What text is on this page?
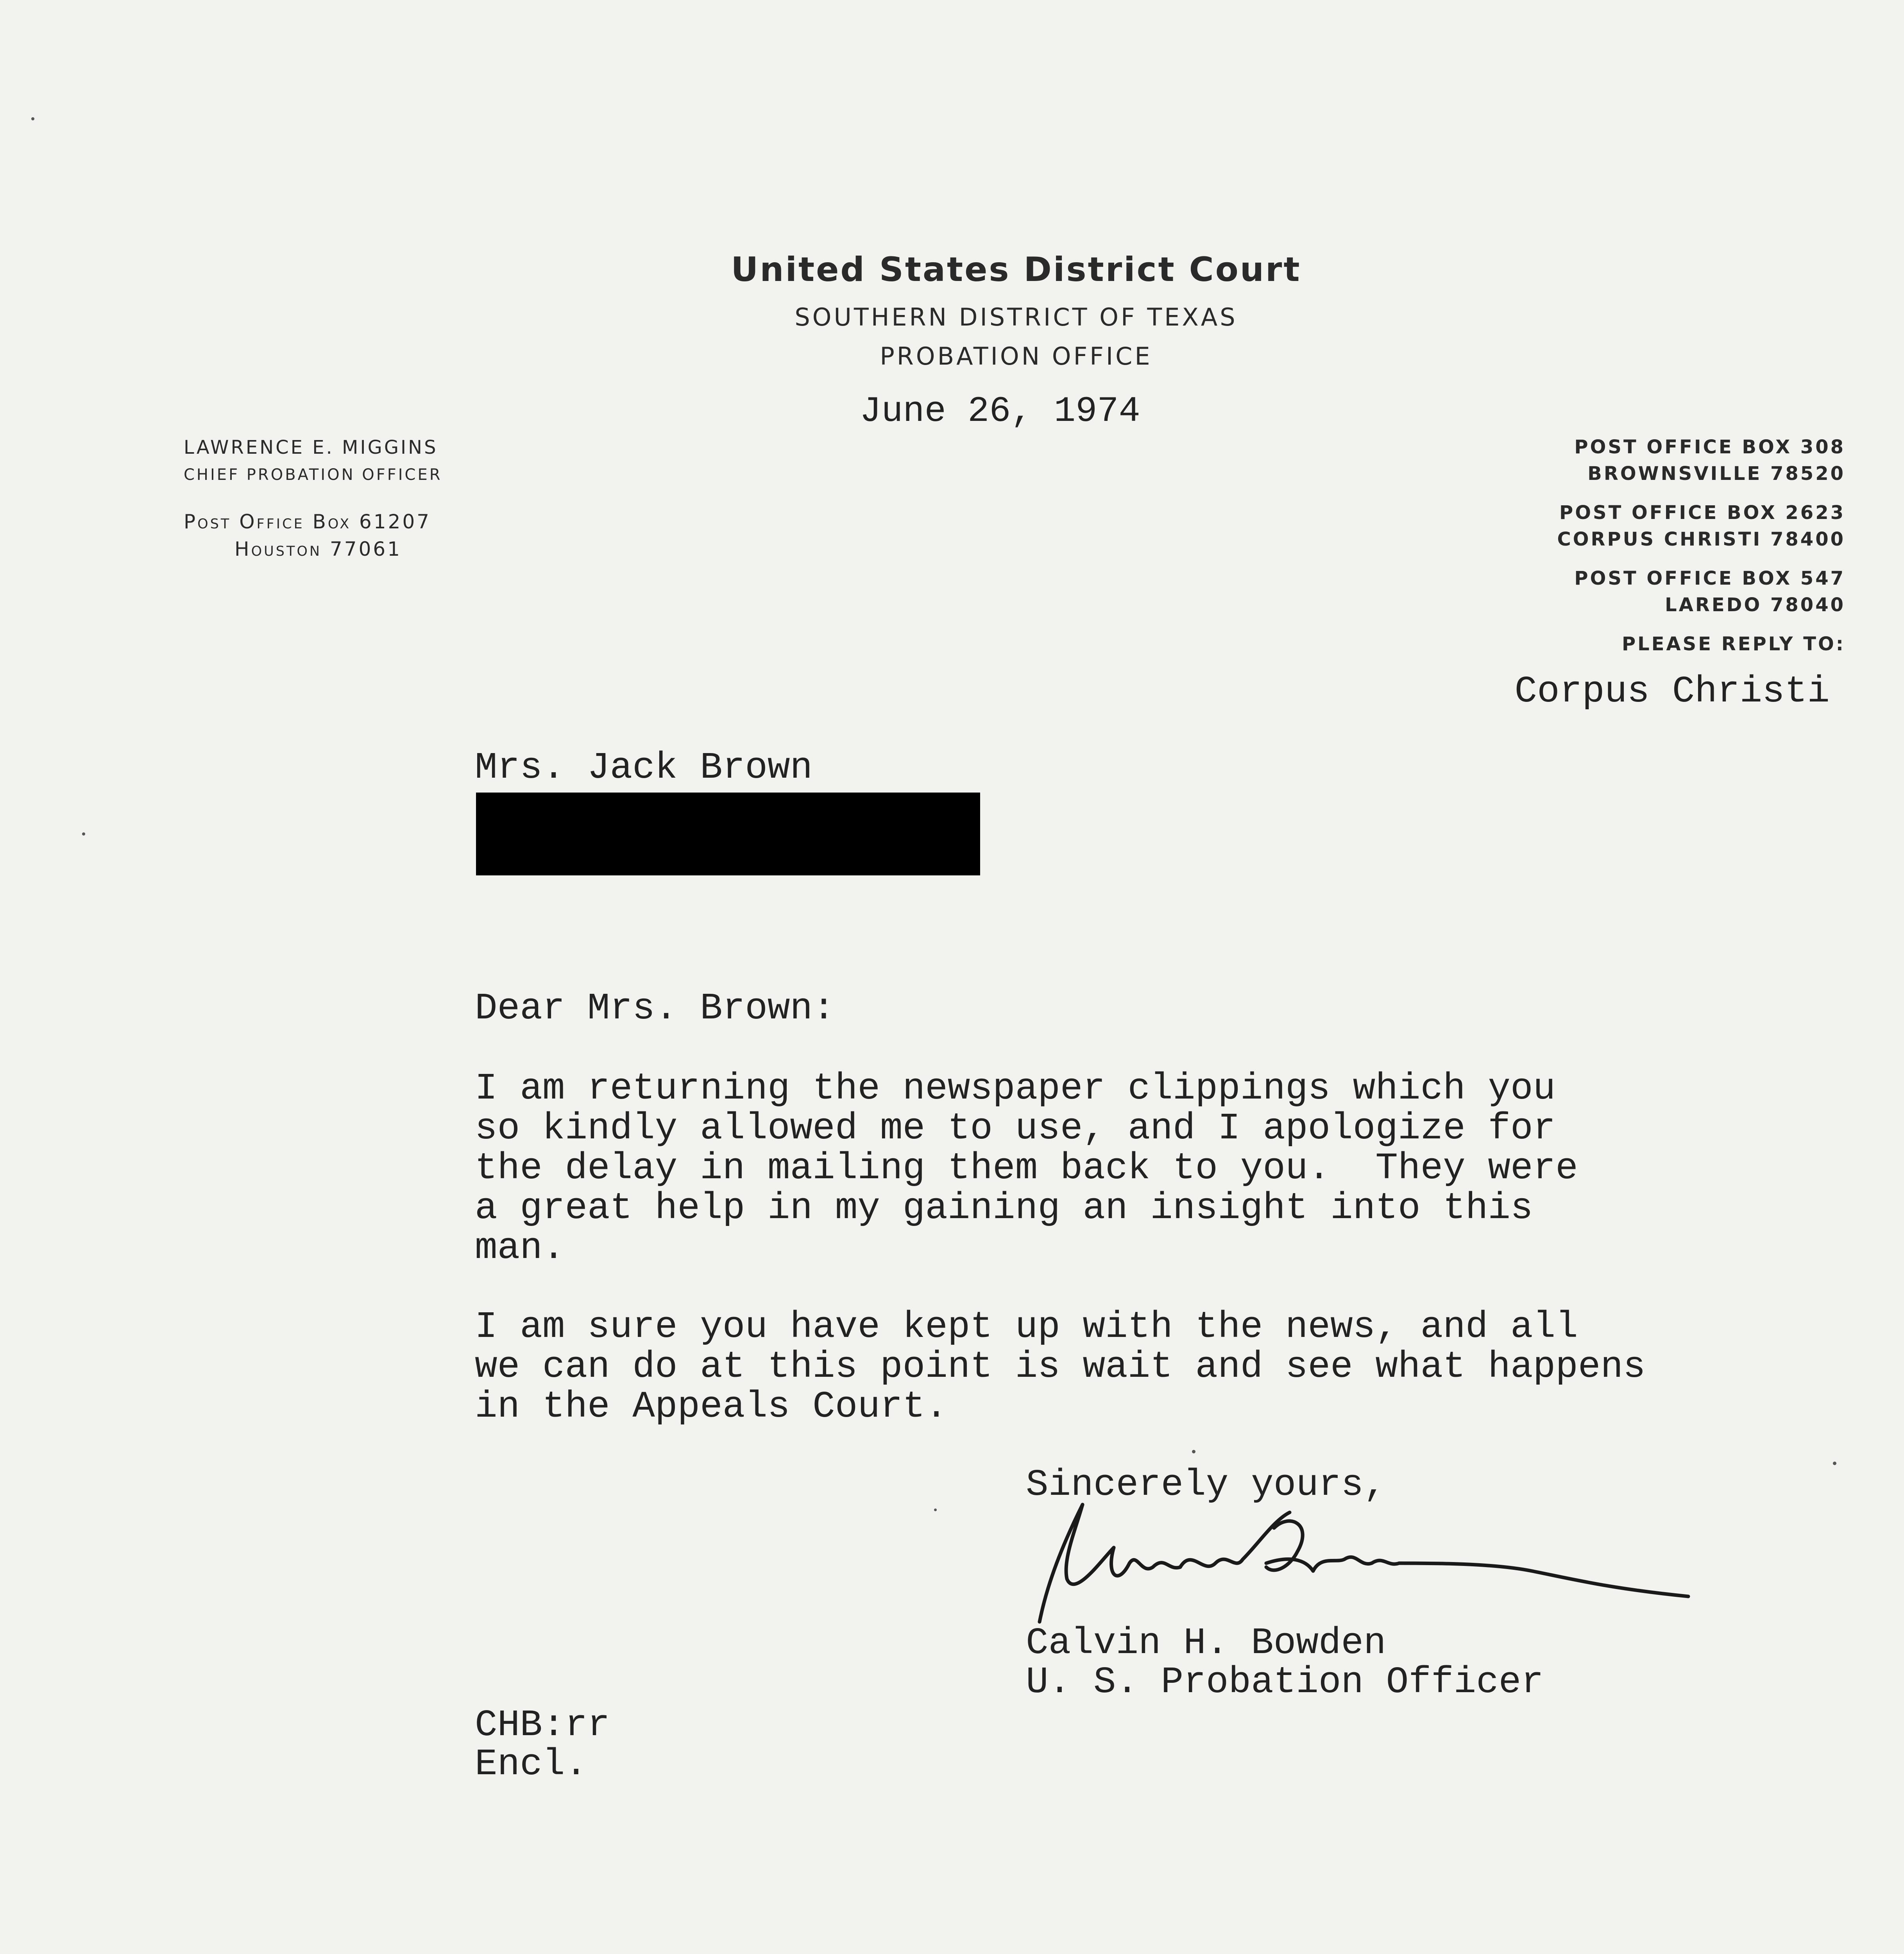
United States District Court
SOUTHERN DISTRICT OF TEXAS
PROBATION OFFICE
June 26, 1974
LAWRENCE E. MIGGINS
CHIEF PROBATION OFFICER
Post Office Box 61207
Houston 77061
POST OFFICE BOX 308
BROWNSVILLE 78520
POST OFFICE BOX 2623
CORPUS CHRISTI 78400
POST OFFICE BOX 547
LAREDO 78040
PLEASE REPLY TO:
Corpus Christi
Mrs. Jack Brown
Dear Mrs. Brown:
I am returning the newspaper clippings which you
so kindly allowed me to use, and I apologize for
the delay in mailing them back to you.  They were
a great help in my gaining an insight into this
man.
I am sure you have kept up with the news, and all
we can do at this point is wait and see what happens
in the Appeals Court.
Sincerely yours,
Calvin H. Bowden
U. S. Probation Officer
CHB:rr
Encl.
